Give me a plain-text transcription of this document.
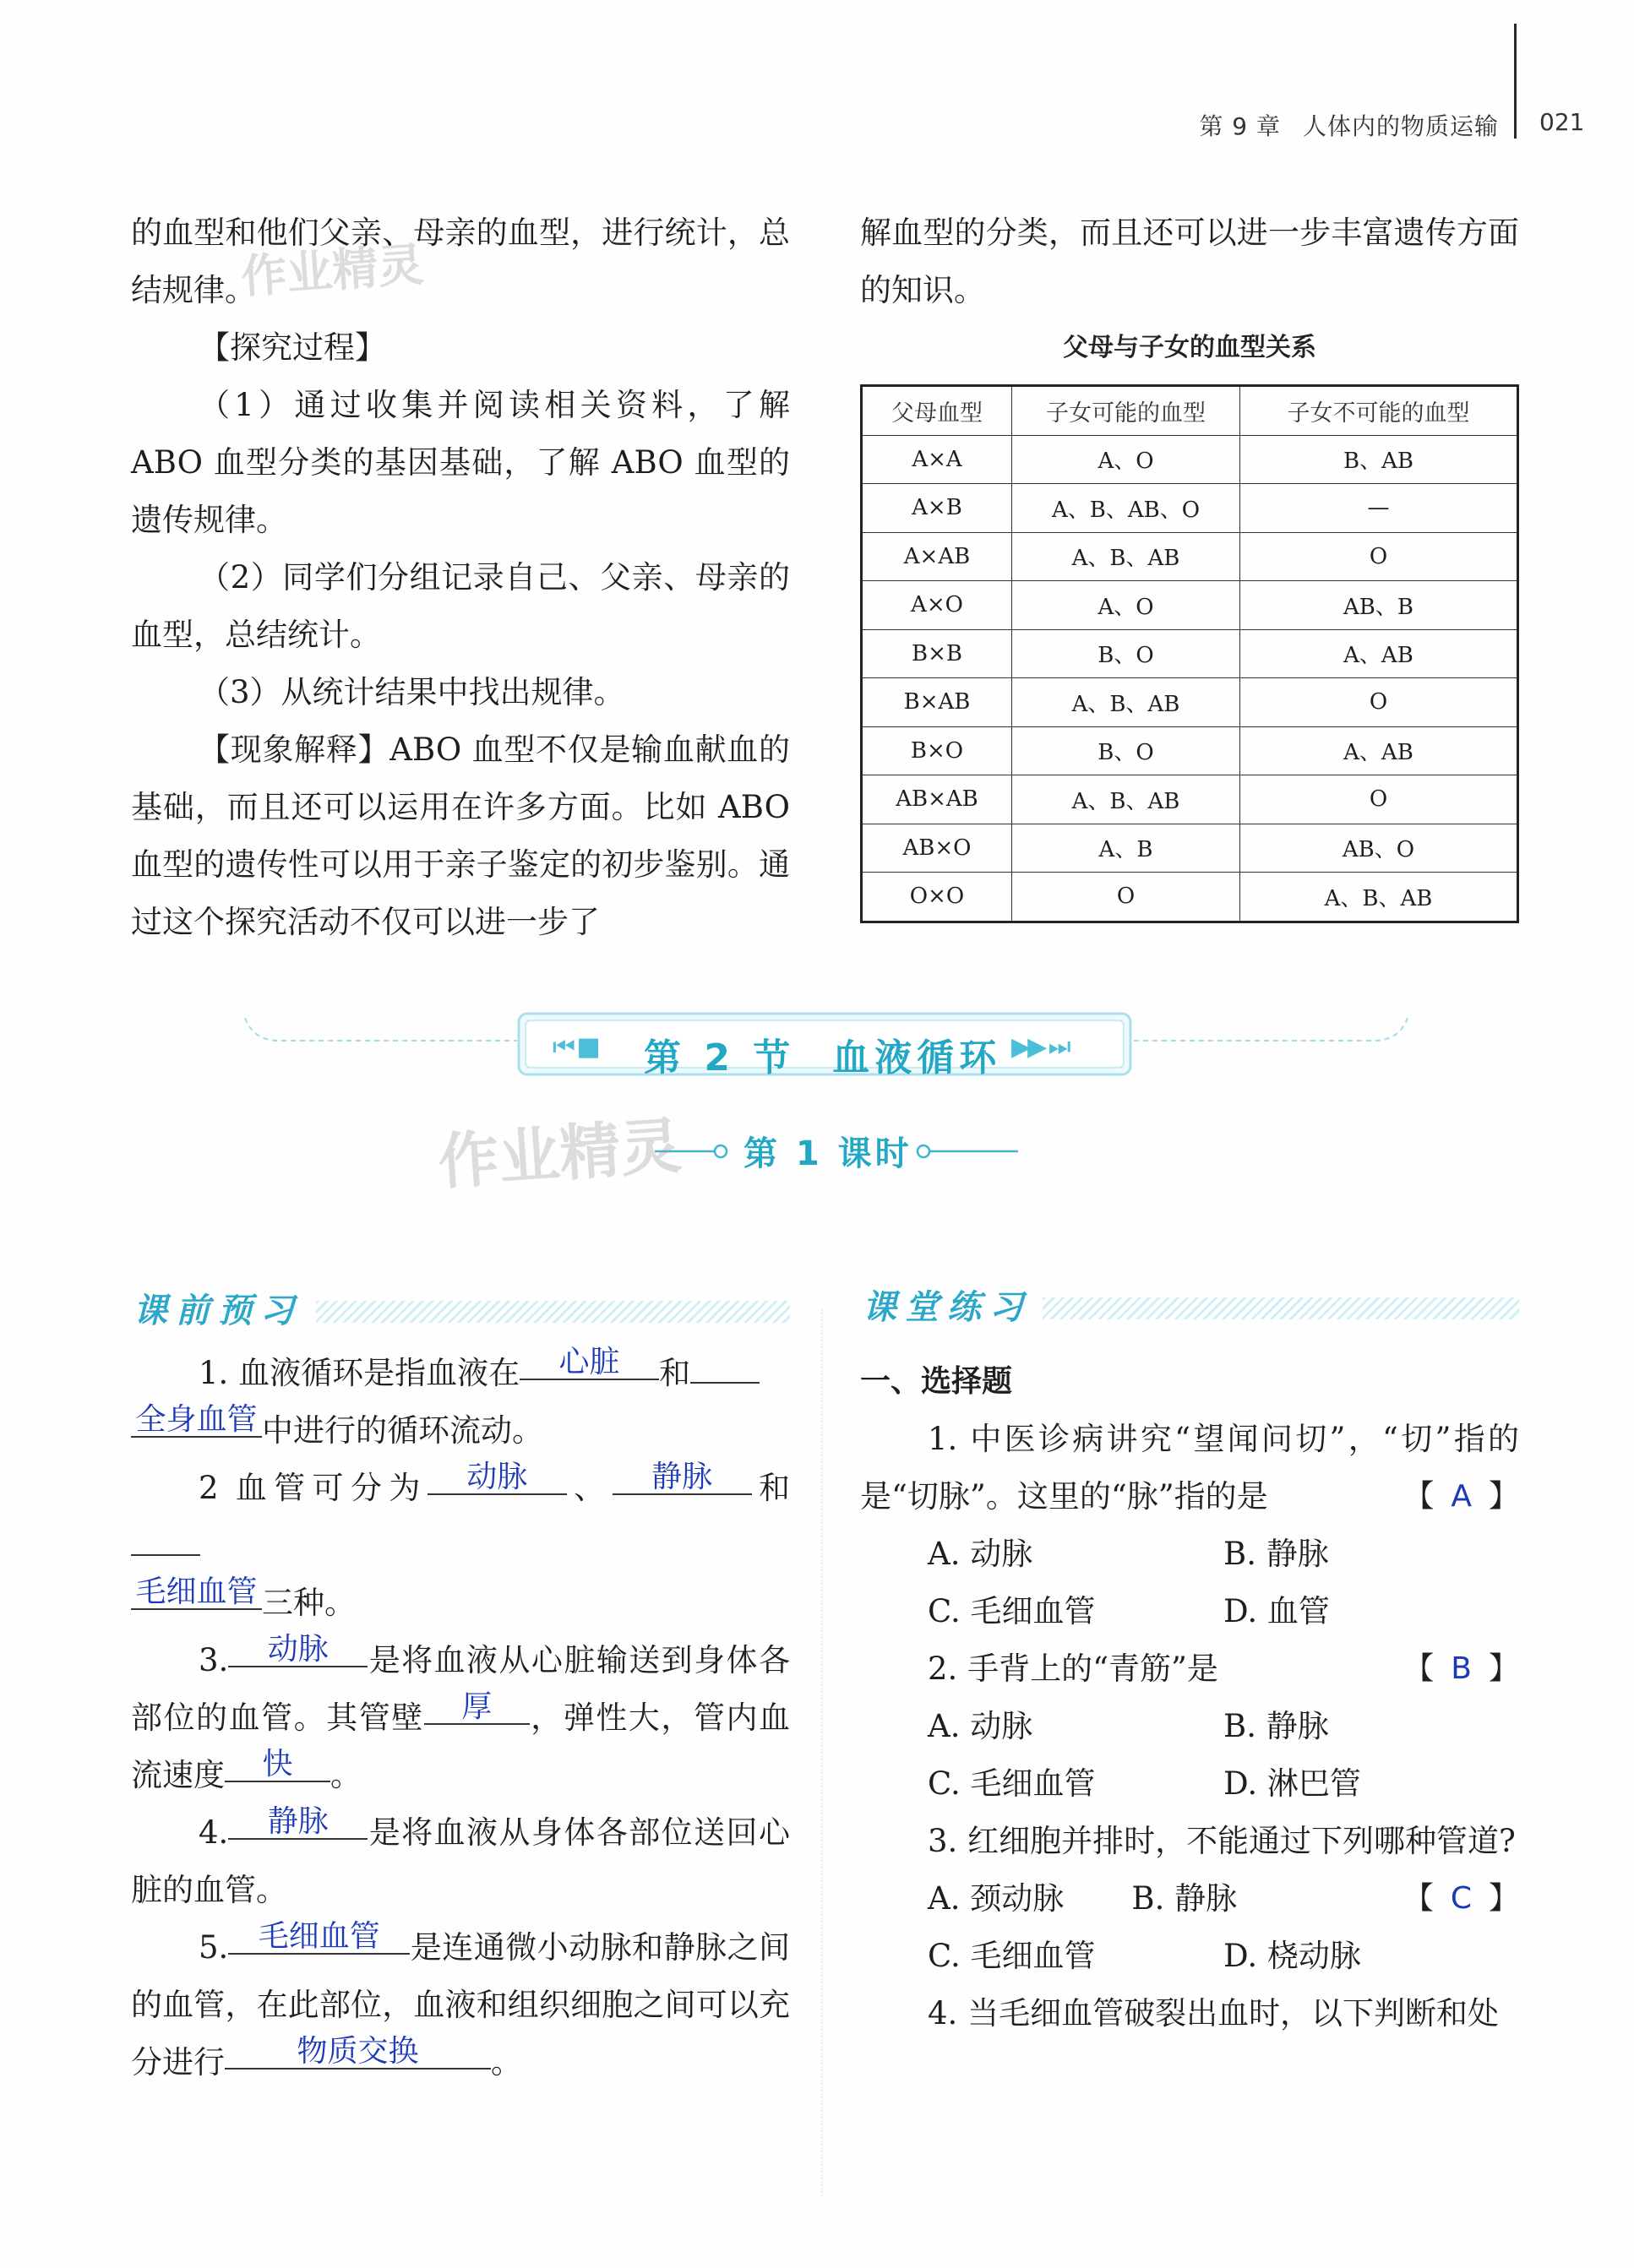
第 9 章 人体内的物质运输 021
作业精灵

的血型和他们父亲、母亲的血型，进行统计，总结规律。

【探究过程】

（1）通过收集并阅读相关资料，了解 ABO 血型分类的基因基础，了解 ABO 血型的遗传规律。

（2）同学们分组记录自己、父亲、母亲的血型，总结统计。

（3）从统计结果中找出规律。

【现象解释】ABO 血型不仅是输血献血的基础，而且还可以运用在许多方面。比如 ABO 血型的遗传性可以用于亲子鉴定的初步鉴别。通过这个探究活动不仅可以进一步了

解血型的分类，而且还可以进一步丰富遗传方面的知识。

父母与子女的血型关系
父母血型	子女可能的血型	子女不可能的血型
A×A	A、O	B、AB
A×B	A、B、AB、O	—
A×AB	A、B、AB	O
A×O	A、O	AB、B
B×B	B、O	A、AB
B×AB	A、B、AB	O
B×O	B、O	A、AB
AB×AB	A、B、AB	O
AB×O	A、B	AB、O
O×O	O	A、B、AB
⏮ ■ 第 2 节 血液循环 ▶▶ ⏭
作业精灵 第 1 课时
课前预习	课堂练习

1. 血液循环是指血液在 心脏 和
全身血管 中进行的循环流动。

2 血管可分为 动脉 、 静脉 和
毛细血管 三种。

3. 动脉 是将血液从心脏输送到身体各部位的血管。其管壁 厚 ，弹性大，管内血流速度 快 。

4. 静脉 是将血液从身体各部位送回心脏的血管。

5. 毛细血管 是连通微小动脉和静脉之间的血管，在此部位，血液和组织细胞之间可以充分进行 物质交换 。

一、选择题

1. 中医诊病讲究“望闻问切”，“切”指的是“切脉”。这里的“脉”指的是	【 A 】

A. 动脉	B. 静脉
C. 毛细血管	D. 血管

2. 手背上的“青筋”是	【 B 】

A. 动脉	B. 静脉
C. 毛细血管	D. 淋巴管

3. 红细胞并排时，不能通过下列哪种管道?
【 C 】

A. 颈动脉	B. 静脉
C. 毛细血管	D. 桡动脉

4. 当毛细血管破裂出血时，以下判断和处
